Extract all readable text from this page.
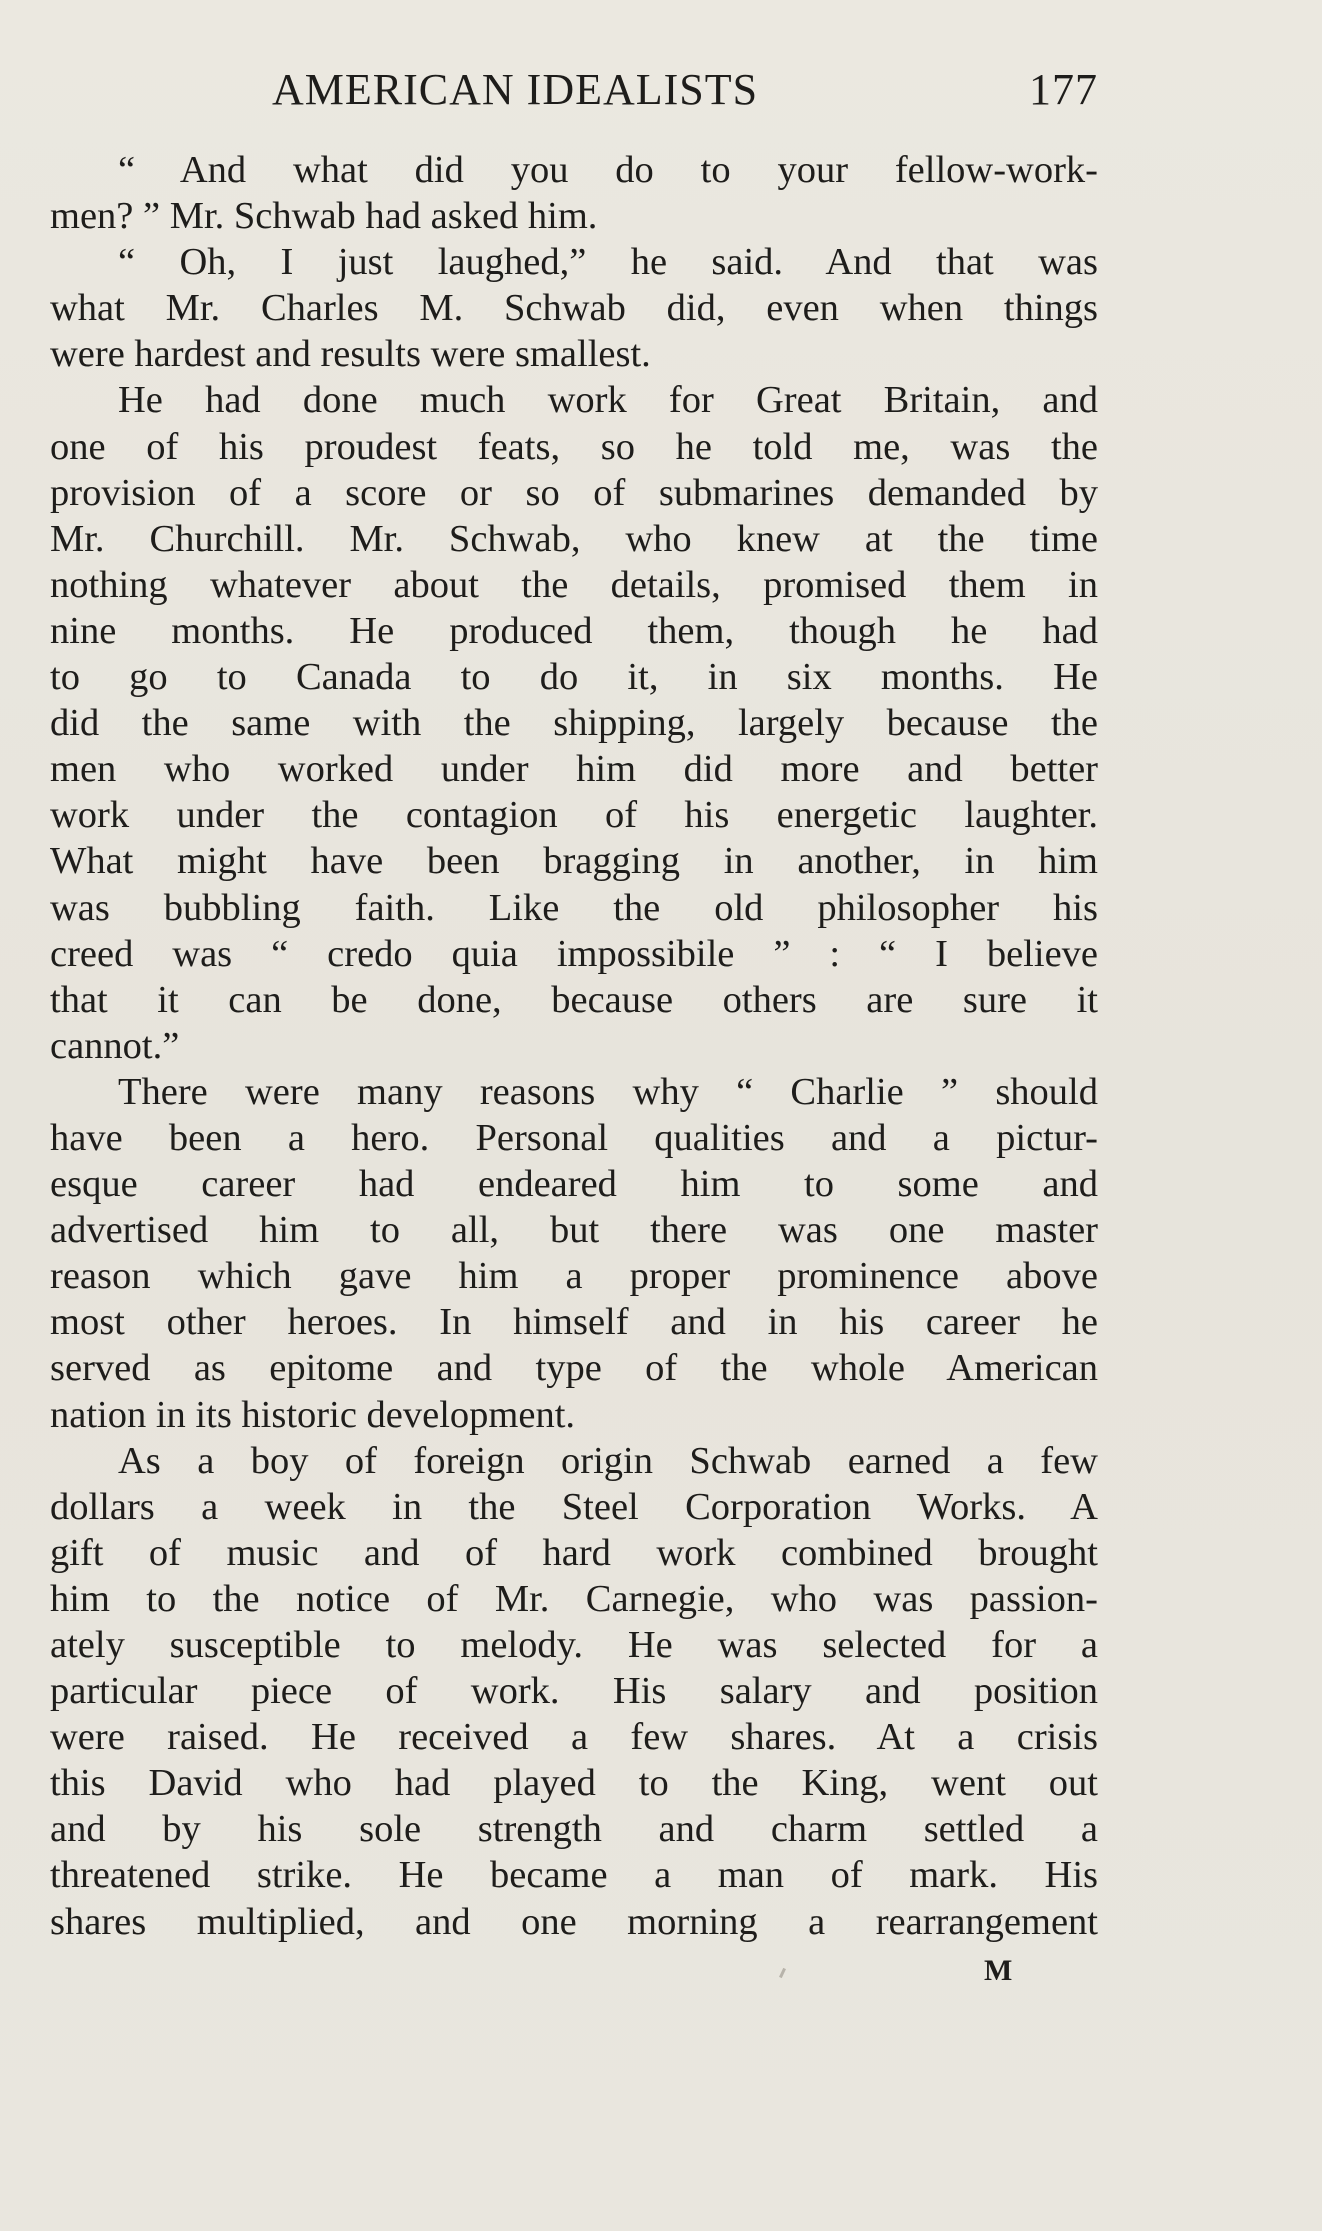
AMERICAN IDEALISTS	177
“ And what did you do to your fellow-work-
men? ” Mr. Schwab had asked him.
“ Oh, I just laughed,” he said. And that was
what Mr. Charles M. Schwab did, even when things
were hardest and results were smallest.
He had done much work for Great Britain, and
one of his proudest feats, so he told me, was the
provision of a score or so of submarines demanded by
Mr. Churchill. Mr. Schwab, who knew at the time
nothing whatever about the details, promised them in
nine months. He produced them, though he had
to go to Canada to do it, in six months. He
did the same with the shipping, largely because the
men who worked under him did more and better
work under the contagion of his energetic laughter.
What might have been bragging in another, in him
was bubbling faith. Like the old philosopher his
creed was “ credo quia impossibile ” : “ I believe
that it can be done, because others are sure it
cannot.”
There were many reasons why “ Charlie ” should
have been a hero. Personal qualities and a pictur-
esque career had endeared him to some and
advertised him to all, but there was one master
reason which gave him a proper prominence above
most other heroes. In himself and in his career he
served as epitome and type of the whole American
nation in its historic development.
As a boy of foreign origin Schwab earned a few
dollars a week in the Steel Corporation Works. A
gift of music and of hard work combined brought
him to the notice of Mr. Carnegie, who was passion-
ately susceptible to melody. He was selected for a
particular piece of work. His salary and position
were raised. He received a few shares. At a crisis
this David who had played to the King, went out
and by his sole strength and charm settled a
threatened strike. He became a man of mark. His
shares multiplied, and one morning a rearrangement
M
